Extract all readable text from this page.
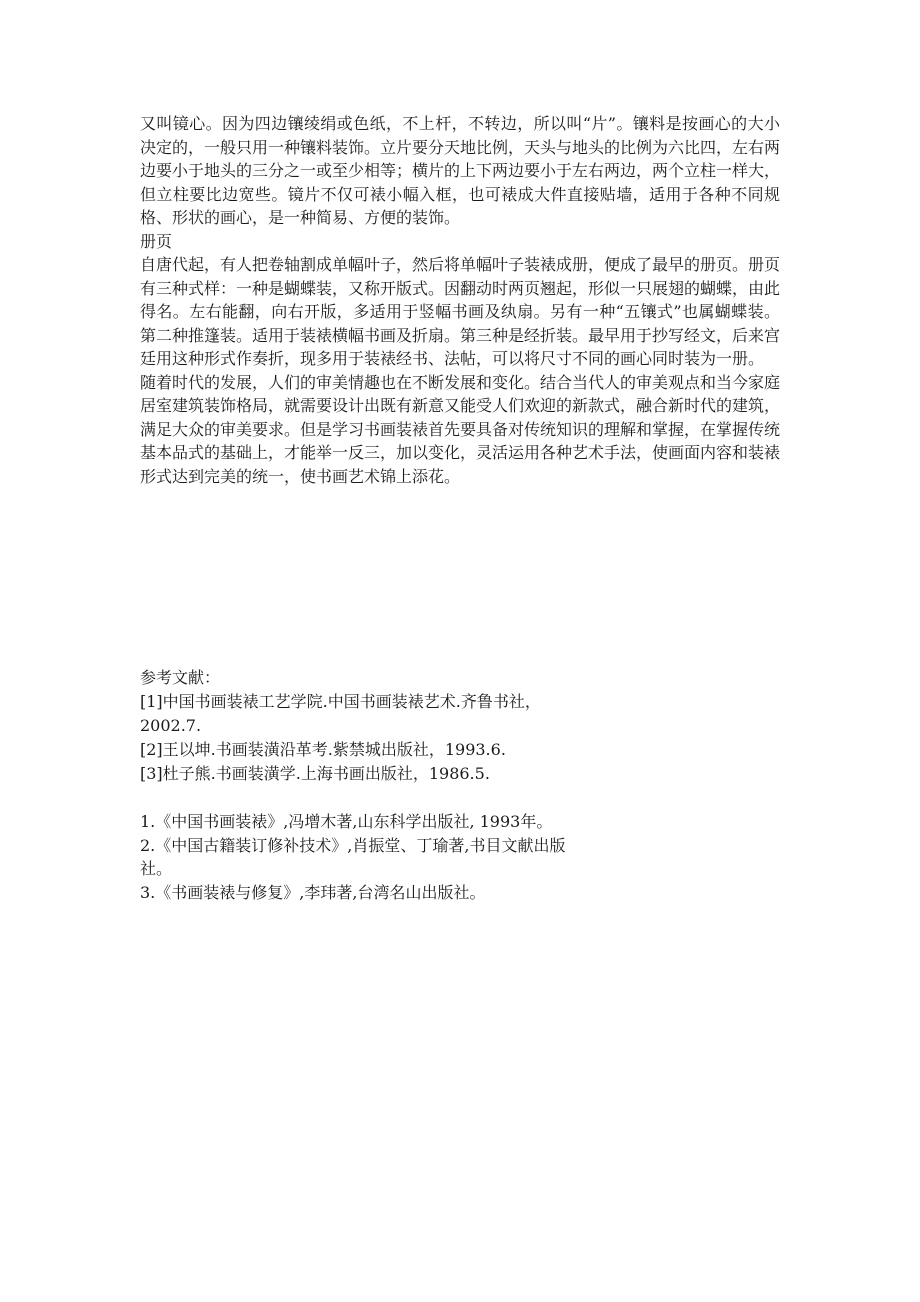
又叫镜心。因为四边镶绫绢或色纸，不上杆，不转边，所以叫“片”。镶料是按画心的大小决定的，一般只用一种镶料装饰。立片要分天地比例，天头与地头的比例为六比四，左右两边要小于地头的三分之一或至少相等；横片的上下两边要小于左右两边，两个立柱一样大，但立柱要比边宽些。镜片不仅可裱小幅入框，也可裱成大件直接贴墙，适用于各种不同规格、形状的画心，是一种简易、方便的装饰。

册页

自唐代起，有人把卷轴割成单幅叶子，然后将单幅叶子装裱成册，便成了最早的册页。册页有三种式样：一种是蝴蝶装，又称开版式。因翻动时两页翘起，形似一只展翅的蝴蝶，由此得名。左右能翻，向右开版，多适用于竖幅书画及纨扇。另有一种“五镶式”也属蝴蝶装。第二种推篷装。适用于装裱横幅书画及折扇。第三种是经折装。最早用于抄写经文，后来宫廷用这种形式作奏折，现多用于装裱经书、法帖，可以将尺寸不同的画心同时装为一册。

随着时代的发展，人们的审美情趣也在不断发展和变化。结合当代人的审美观点和当今家庭居室建筑装饰格局，就需要设计出既有新意又能受人们欢迎的新款式，融合新时代的建筑，满足大众的审美要求。但是学习书画装裱首先要具备对传统知识的理解和掌握，在掌握传统基本品式的基础上，才能举一反三，加以变化，灵活运用各种艺术手法，使画面内容和装裱形式达到完美的统一，使书画艺术锦上添花。

参考文献：

[1]中国书画装裱工艺学院.中国书画装裱艺术.齐鲁书社，2002.7.

[2]王以坤.书画装潢沿革考.紫禁城出版社，1993.6.

[3]杜子熊.书画装潢学.上海书画出版社，1986.5.

1.《中国书画装裱》,冯增木著,山东科学出版社, 1993年。

2.《中国古籍装订修补技术》,肖振堂、丁瑜著,书目文献出版社。

3.《书画装裱与修复》,李玮著,台湾名山出版社。
